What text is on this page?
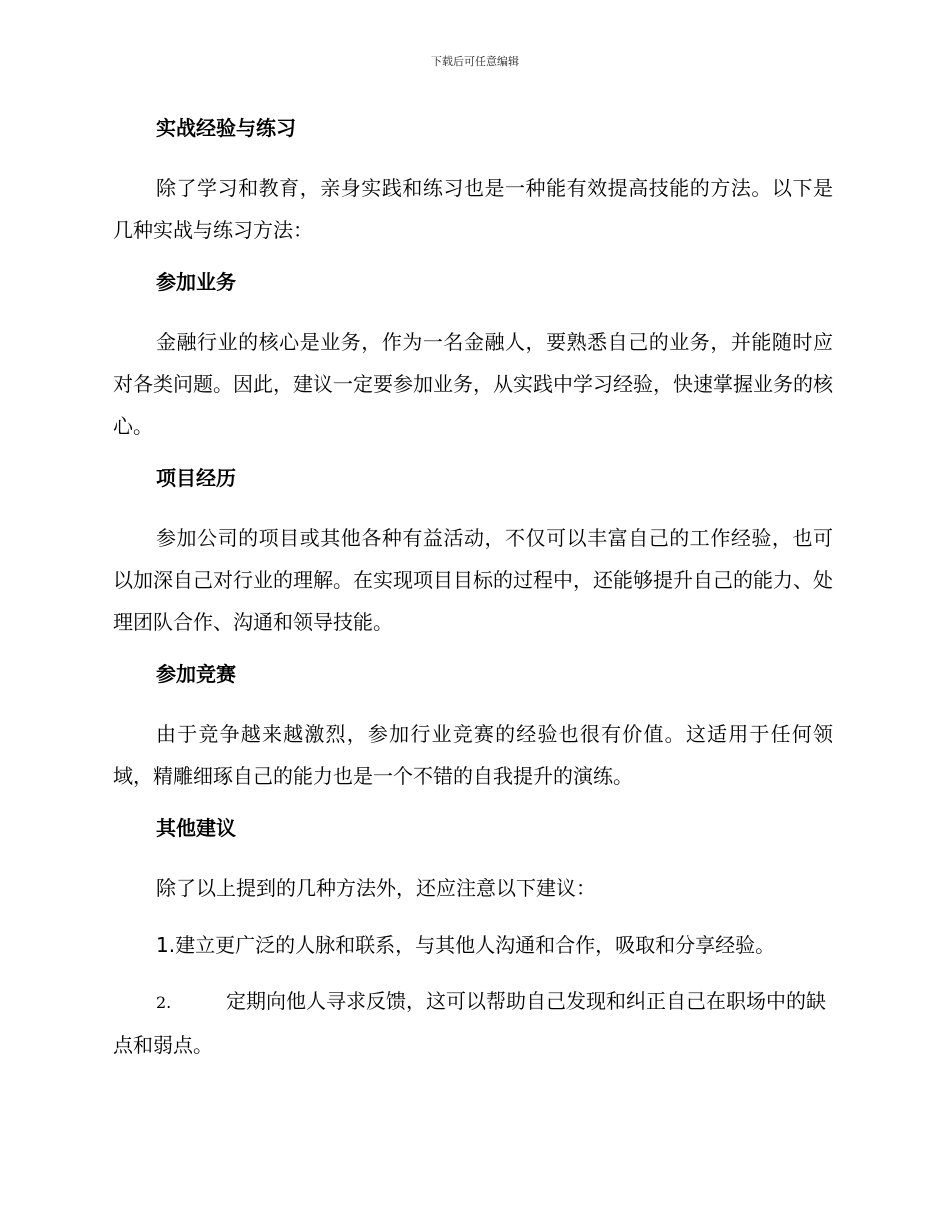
下载后可任意编辑
实战经验与练习

除了学习和教育，亲身实践和练习也是一种能有效提高技能的方法。以下是几种实战与练习方法：

参加业务

金融行业的核心是业务，作为一名金融人，要熟悉自己的业务，并能随时应对各类问题。因此，建议一定要参加业务，从实践中学习经验，快速掌握业务的核心。

项目经历

参加公司的项目或其他各种有益活动，不仅可以丰富自己的工作经验，也可以加深自己对行业的理解。在实现项目目标的过程中，还能够提升自己的能力、处理团队合作、沟通和领导技能。

参加竞赛

由于竞争越来越激烈，参加行业竞赛的经验也很有价值。这适用于任何领域，精雕细琢自己的能力也是一个不错的自我提升的演练。

其他建议

除了以上提到的几种方法外，还应注意以下建议：

1.建立更广泛的人脉和联系，与其他人沟通和合作，吸取和分享经验。

2.	定期向他人寻求反馈，这可以帮助自己发现和纠正自己在职场中的缺点和弱点。
